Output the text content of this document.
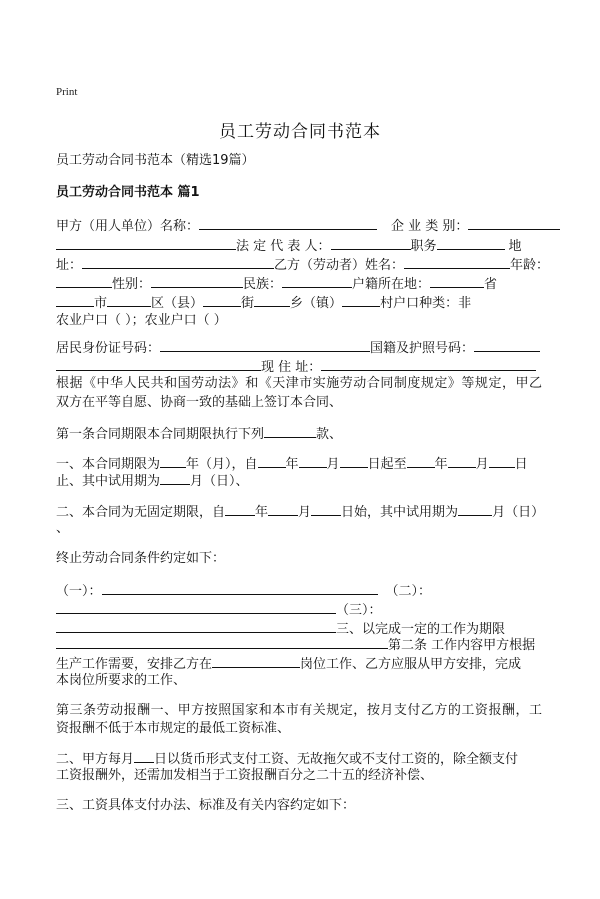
Print
员工劳动合同书范本
员工劳动合同书范本（精选19篇）
员工劳动合同书范本 篇1
甲方（用人单位）名称：	企 业 类 别：
法 定 代 表 人：	职务	地
址：	乙方（劳动者）姓名：	年龄：
性别：	民族：	户籍所在地：	省
市	区（县）	街	乡（镇）	村户口种类：非
农业户口（ ）；农业户口（ ）
居民身份证号码：	国籍及护照号码：
现 住 址：
根据《中华人民共和国劳动法》和《天津市实施劳动合同制度规定》等规定，甲乙
双方在平等自愿、协商一致的基础上签订本合同、
第一条合同期限本合同期限执行下列	款、
一、本合同期限为 年（月），自 年 月 日起至 年 月 日
止、其中试用期为 月（日）、
二、本合同为无固定期限，自 年 月 日始，其中试用期为	月（日）
、
终止劳动合同条件约定如下：
（一）：	（二）：
（三）：
三、以完成一定的工作为期限
第二条 工作内容甲方根据
生产工作需要，安排乙方在	岗位工作、乙方应服从甲方安排，完成
本岗位所要求的工作、
第三条劳动报酬一、甲方按照国家和本市有关规定，按月支付乙方的工资报酬，工
资报酬不低于本市规定的最低工资标准、
二、甲方每月 日以货币形式支付工资、无故拖欠或不支付工资的，除全额支付
工资报酬外，还需加发相当于工资报酬百分之二十五的经济补偿、
三、工资具体支付办法、标准及有关内容约定如下：
